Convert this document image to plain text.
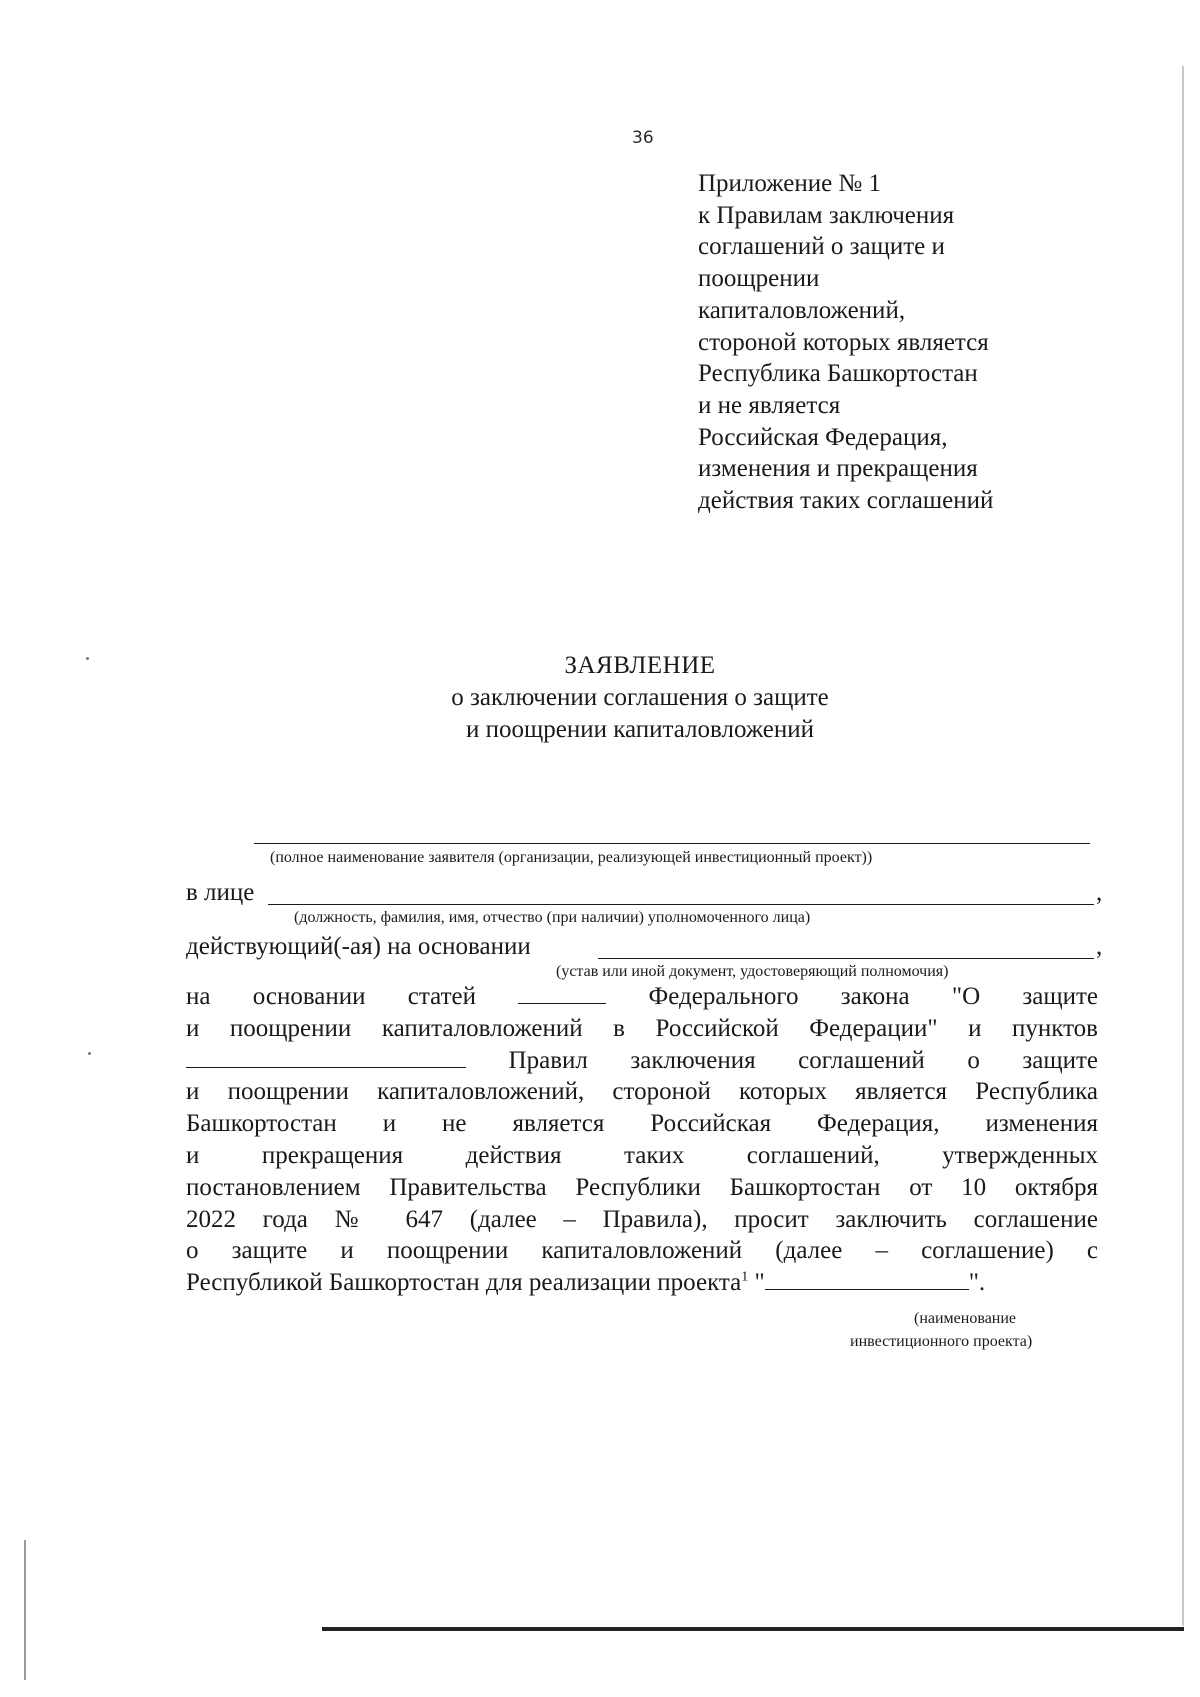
36
Приложение № 1
к Правилам заключения
соглашений о защите и
поощрении
капиталовложений,
стороной которых является
Республика Башкортостан
и не является
Российская Федерация,
изменения и прекращения
действия таких соглашений
ЗАЯВЛЕНИЕ
о заключении соглашения о защите
и поощрении капиталовложений
(полное наименование заявителя (организации, реализующей инвестиционный проект))
в лице	,
(должность, фамилия, имя, отчество (при наличии) уполномоченного лица)
действующий(-ая) на основании	,
(устав или иной документ, удостоверяющий полномочия)
на основании статей	Федерального закона "О защите
и поощрении капиталовложений в Российской Федерации" и пунктов
Правил заключения соглашений о защите
и поощрении капиталовложений, стороной которых является Республика
Башкортостан и не является Российская Федерация, изменения
и прекращения действия таких соглашений, утвержденных
постановлением Правительства Республики Башкортостан от 10 октября
2022 года № 647 (далее – Правила), просит заключить соглашение
о защите и поощрении капиталовложений (далее – соглашение) с
Республикой Башкортостан для реализации проекта$^1$ "	".
(наименование
инвестиционного проекта)
